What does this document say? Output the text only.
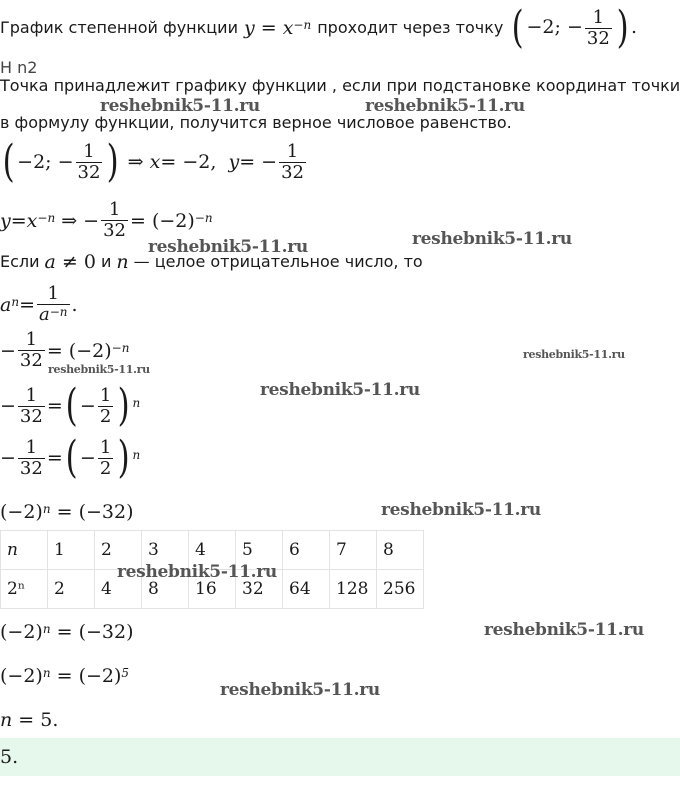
График степенной функции $y = x^{-n}$ проходит через точку ( −2; − $\frac{1}{32}$ ) .
Н n2
Точка принадлежит графику функции , если при подстановке координат точки
reshebnik5-11.ru	reshebnik5-11.ru
в формулу функции, получится верное числовое равенство.
( −2; − $\frac{1}{32}$ ) ⇒ x = −2, y = − $\frac{1}{32}$
$y = x^{-n}$ ⇒ − $\frac{1}{32} = (-2)^{-n}$
reshebnik5-11.ru	reshebnik5-11.ru
Если a ≠ 0 и n — целое отрицательное число, то
a $^n = \frac{1}{a^{-n}}$ .
− $\frac{1}{32} = (-2)^{-n}$
reshebnik5-11.ru
reshebnik5-11.ru
− $\frac{1}{32}$ = ( − $\frac{1}{2}$ ) $^n$
reshebnik5-11.ru
− $\frac{1}{32}$ = ( − $\frac{1}{2}$ ) $^n$
$(-2)^n = (-32)$	reshebnik5-11.ru
n	1	2	3	4	5	6	7	8
2ⁿ	2	4	8	16	32	64	128	256
reshebnik5-11.ru
$(-2)^n = (-32)$	reshebnik5-11.ru
$(-2)^n = (-2)^5$
reshebnik5-11.ru
n = 5.
5.
